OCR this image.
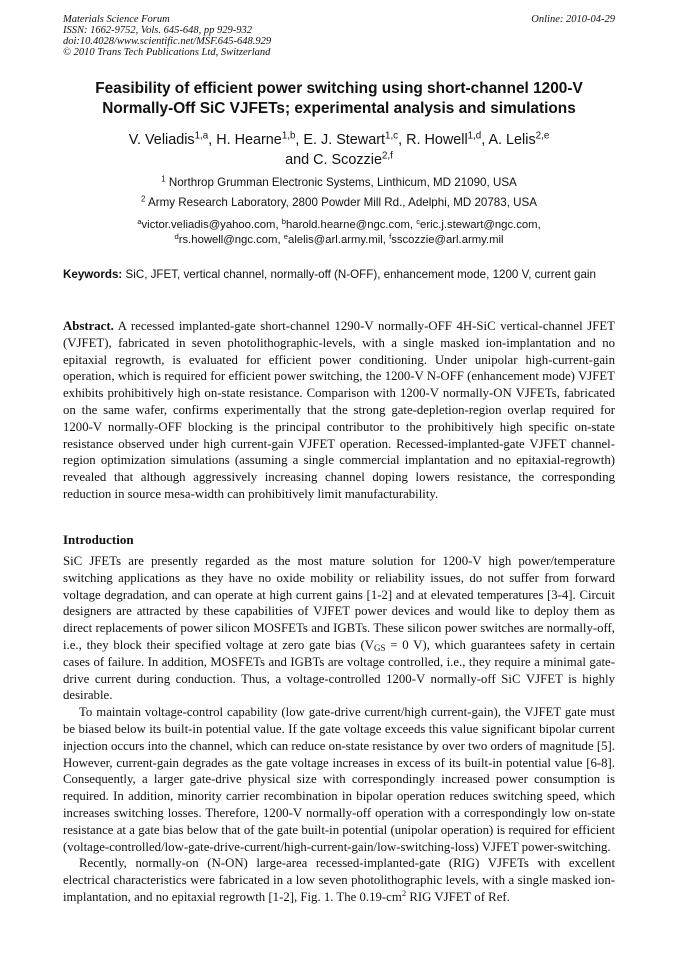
Materials Science Forum
ISSN: 1662-9752, Vols. 645-648, pp 929-932
doi:10.4028/www.scientific.net/MSF.645-648.929
© 2010 Trans Tech Publications Ltd, Switzerland
Online: 2010-04-29
Feasibility of efficient power switching using short-channel 1200-V
Normally-Off SiC VJFETs; experimental analysis and simulations
V. Veliadis$^{1,a}$, H. Hearne$^{1,b}$, E. J. Stewart$^{1,c}$, R. Howell$^{1,d}$, A. Lelis$^{2,e}$
and C. Scozzie$^{2,f}$
$^1$ Northrop Grumman Electronic Systems, Linthicum, MD 21090, USA
$^2$ Army Research Laboratory, 2800 Powder Mill Rd., Adelphi, MD 20783, USA
$^a$victor.veliadis@yahoo.com, $^b$harold.hearne@ngc.com, $^c$eric.j.stewart@ngc.com,
$^d$rs.howell@ngc.com, $^e$alelis@arl.army.mil, $^f$sscozzie@arl.army.mil
Keywords: SiC, JFET, vertical channel, normally-off (N-OFF), enhancement mode, 1200 V, current gain
Abstract. A recessed implanted-gate short-channel 1290-V normally-OFF 4H-SiC vertical-channel JFET (VJFET), fabricated in seven photolithographic-levels, with a single masked ion-implantation and no epitaxial regrowth, is evaluated for efficient power conditioning. Under unipolar high-current-gain operation, which is required for efficient power switching, the 1200-V N-OFF (enhancement mode) VJFET exhibits prohibitively high on-state resistance. Comparison with 1200-V normally-ON VJFETs, fabricated on the same wafer, confirms experimentally that the strong gate-depletion-region overlap required for 1200-V normally-OFF blocking is the principal contributor to the prohibitively high specific on-state resistance observed under high current-gain VJFET operation. Recessed-implanted-gate VJFET channel-region optimization simulations (assuming a single commercial implantation and no epitaxial-regrowth) revealed that although aggressively increasing channel doping lowers resistance, the corresponding reduction in source mesa-width can prohibitively limit manufacturability.
Introduction

SiC JFETs are presently regarded as the most mature solution for 1200-V high power/temperature switching applications as they have no oxide mobility or reliability issues, do not suffer from forward voltage degradation, and can operate at high current gains [1-2] and at elevated temperatures [3-4]. Circuit designers are attracted by these capabilities of VJFET power devices and would like to deploy them as direct replacements of power silicon MOSFETs and IGBTs. These silicon power switches are normally-off, i.e., they block their specified voltage at zero gate bias ($V_{GS} = 0$ V), which guarantees safety in certain cases of failure. In addition, MOSFETs and IGBTs are voltage controlled, i.e., they require a minimal gate-drive current during conduction. Thus, a voltage-controlled 1200-V normally-off SiC VJFET is highly desirable.

To maintain voltage-control capability (low gate-drive current/high current-gain), the VJFET gate must be biased below its built-in potential value. If the gate voltage exceeds this value significant bipolar current injection occurs into the channel, which can reduce on-state resistance by over two orders of magnitude [5]. However, current-gain degrades as the gate voltage increases in excess of its built-in potential value [6-8]. Consequently, a larger gate-drive physical size with correspondingly increased power consumption is required. In addition, minority carrier recombination in bipolar operation reduces switching speed, which increases switching losses. Therefore, 1200-V normally-off operation with a correspondingly low on-state resistance at a gate bias below that of the gate built-in potential (unipolar operation) is required for efficient (voltage-controlled/low-gate-drive-current/high-current-gain/low-switching-loss) VJFET power-switching.

Recently, normally-on (N-ON) large-area recessed-implanted-gate (RIG) VJFETs with excellent electrical characteristics were fabricated in a low seven photolithographic levels, with a single masked ion-implantation, and no epitaxial regrowth [1-2], Fig. 1. The $0.19-cm^2$ RIG VJFET of Ref.
